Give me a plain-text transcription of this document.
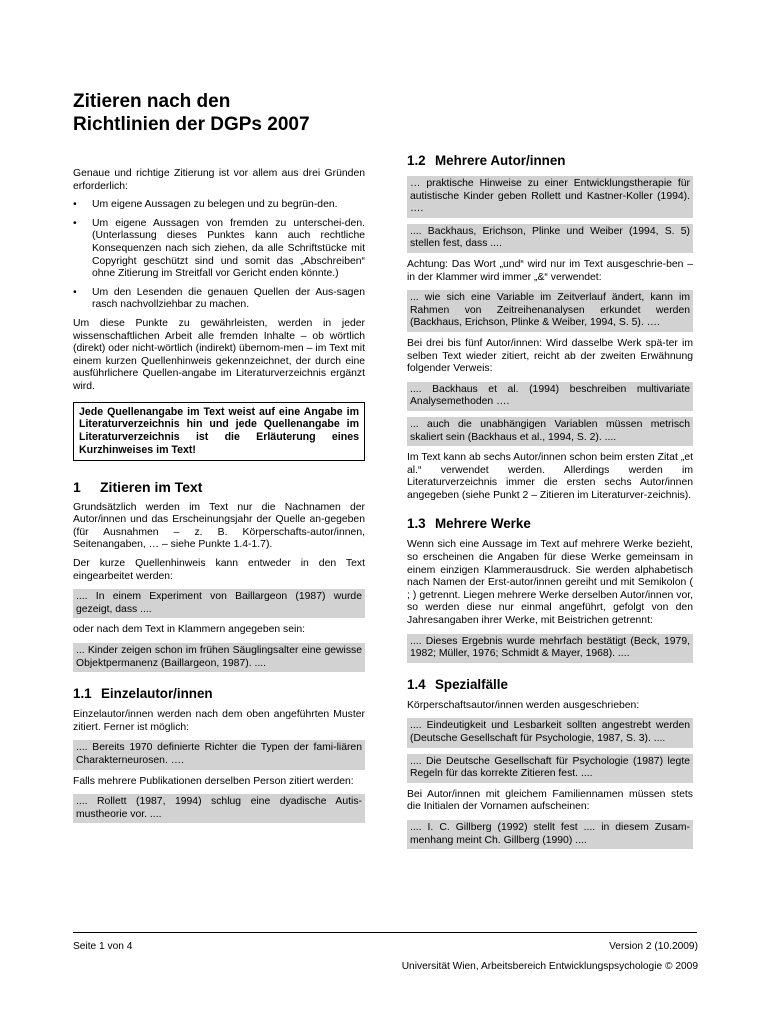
Zitieren nach den
Richtlinien der DGPs 2007

Genaue und richtige Zitierung ist vor allem aus drei Gründen erforderlich:

• Um eigene Aussagen zu belegen und zu begrün-den.
• Um eigene Aussagen von fremden zu unterschei-den. (Unterlassung dieses Punktes kann auch rechtliche Konsequenzen nach sich ziehen, da alle Schriftstücke mit Copyright geschützt sind und somit das „Abschreiben“ ohne Zitierung im Streitfall vor Gericht enden könnte.)
• Um den Lesenden die genauen Quellen der Aus-sagen rasch nachvollziehbar zu machen.

Um diese Punkte zu gewährleisten, werden in jeder wissenschaftlichen Arbeit alle fremden Inhalte – ob wörtlich (direkt) oder nicht-wörtlich (indirekt) übernom-men – im Text mit einem kurzen Quellenhinweis gekennzeichnet, der durch eine ausführlichere Quellen-angabe im Literaturverzeichnis ergänzt wird.

Jede Quellenangabe im Text weist auf eine Angabe im Literaturverzeichnis hin und jede Quellenangabe im Literaturverzeichnis ist die Erläuterung eines Kurzhinweises im Text!
1 Zitieren im Text

Grundsätzlich werden im Text nur die Nachnamen der Autor/innen und das Erscheinungsjahr der Quelle an-gegeben (für Ausnahmen – z. B. Körperschafts-autor/innen, Seitenangaben, … – siehe Punkte 1.4-1.7).

Der kurze Quellenhinweis kann entweder in den Text eingearbeitet werden:

.... In einem Experiment von Baillargeon (1987) wurde gezeigt, dass ....

oder nach dem Text in Klammern angegeben sein:

... Kinder zeigen schon im frühen Säuglingsalter eine gewisse Objektpermanenz (Baillargeon, 1987). ....
1.1 Einzelautor/innen

Einzelautor/innen werden nach dem oben angeführten Muster zitiert. Ferner ist möglich:

.... Bereits 1970 definierte Richter die Typen der fami-liären Charakterneurosen. ….

Falls mehrere Publikationen derselben Person zitiert werden:

.... Rollett (1987, 1994) schlug eine dyadische Autis-mustheorie vor. ....
1.2 Mehrere Autor/innen
… praktische Hinweise zu einer Entwicklungstherapie für autistische Kinder geben Rollett und Kastner-Koller (1994). ….
.... Backhaus, Erichson, Plinke und Weiber (1994, S. 5) stellen fest, dass ....

Achtung: Das Wort „und“ wird nur im Text ausgeschrie-ben – in der Klammer wird immer „&“ verwendet:

... wie sich eine Variable im Zeitverlauf ändert, kann im Rahmen von Zeitreihenanalysen erkundet werden (Backhaus, Erichson, Plinke & Weiber, 1994, S. 5). ….

Bei drei bis fünf Autor/innen: Wird dasselbe Werk spä-ter im selben Text wieder zitiert, reicht ab der zweiten Erwähnung folgender Verweis:

.... Backhaus et al. (1994) beschreiben multivariate Analysemethoden ….
... auch die unabhängigen Variablen müssen metrisch skaliert sein (Backhaus et al., 1994, S. 2). ....

Im Text kann ab sechs Autor/innen schon beim ersten Zitat „et al.“ verwendet werden. Allerdings werden im Literaturverzeichnis immer die ersten sechs Autor/innen angegeben (siehe Punkt 2 – Zitieren im Literaturver-zeichnis).

1.3 Mehrere Werke

Wenn sich eine Aussage im Text auf mehrere Werke bezieht, so erscheinen die Angaben für diese Werke gemeinsam in einem einzigen Klammerausdruck. Sie werden alphabetisch nach Namen der Erst-autor/innen gereiht und mit Semikolon ( ; ) getrennt. Liegen mehrere Werke derselben Autor/innen vor, so werden diese nur einmal angeführt, gefolgt von den Jahresangaben ihrer Werke, mit Beistrichen getrennt:

.... Dieses Ergebnis wurde mehrfach bestätigt (Beck, 1979, 1982; Müller, 1976; Schmidt & Mayer, 1968). ....
1.4 Spezialfälle

Körperschaftsautor/innen werden ausgeschrieben:

.... Eindeutigkeit und Lesbarkeit sollten angestrebt werden (Deutsche Gesellschaft für Psychologie, 1987, S. 3). ....
.... Die Deutsche Gesellschaft für Psychologie (1987) legte Regeln für das korrekte Zitieren fest. ....

Bei Autor/innen mit gleichem Familiennamen müssen stets die Initialen der Vornamen aufscheinen:

.... I. C. Gillberg (1992) stellt fest .... in diesem Zusam-menhang meint Ch. Gillberg (1990) ....
Seite 1 von 4	Version 2 (10.2009)
Universität Wien, Arbeitsbereich Entwicklungspsychologie © 2009
